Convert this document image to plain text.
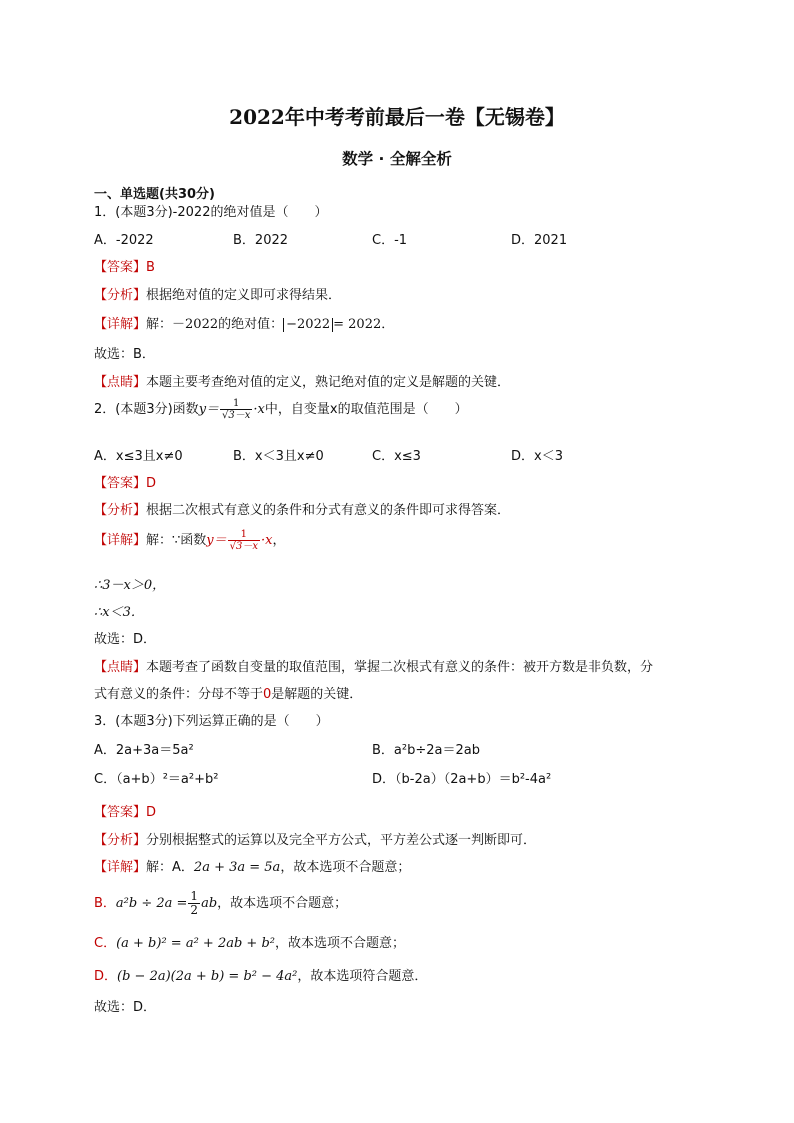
2022年中考考前最后一卷【无锡卷】
数学 · 全解全析
一、单选题(共30分)
1．(本题3分)-2022的绝对值是（　　）
A．-2022	B．2022	C．-1	D．2021
【答案】B
【分析】根据绝对值的定义即可求得结果．
【详解】解：－2022的绝对值： −2022 = 2022．
故选：B．
【点睛】本题主要考查绝对值的定义，熟记绝对值的定义是解题的关键．
2．(本题3分)函数$y= \frac{1}{√3-x} \cdot x$中，自变量x的取值范围是（　　）
A．x≤3且x≠0	B．x＜3且x≠0	C．x≤3	D．x＜3
【答案】D
【分析】根据二次根式有意义的条件和分式有意义的条件即可求得答案．
【详解】解：∵函数$y= \frac{1}{√3-x} \cdot x$，
∴3－x＞0，
∴x＜3．
故选：D．
【点睛】本题考查了函数自变量的取值范围，掌握二次根式有意义的条件：被开方数是非负数，分
式有意义的条件：分母不等于0是解题的关键．
3．(本题3分)下列运算正确的是（　　）
A．2a+3a＝5a²	B．a²b÷2a＝2ab
C．（a+b）²＝a²+b²	D．（b-2a）（2a+b）＝b²-4a²
【答案】D
【分析】分别根据整式的运算以及完全平方公式，平方差公式逐一判断即可．
【详解】解：A．2a + 3a = 5a，故本选项不合题意；
B．$a^2b \div 2a = \frac{1}{2}$ ab，故本选项不合题意；
C．(a + b)² = a² + 2ab + b²，故本选项不合题意；
D．(b − 2a)(2a + b) = b² − 4a²，故本选项符合题意．
故选：D．
